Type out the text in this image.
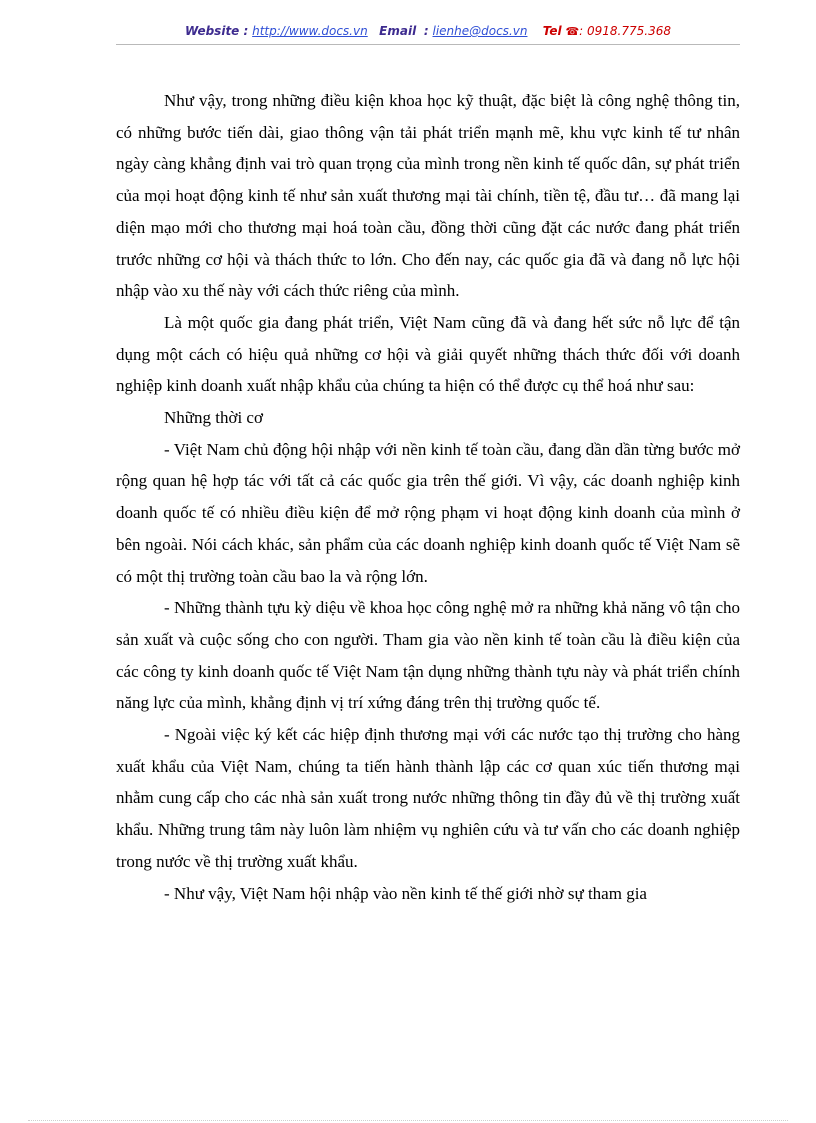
Website : http://www.docs.vn Email : lienhe@docs.vn Tel ☎: 0918.775.368

Như vậy, trong những điều kiện khoa học kỹ thuật, đặc biệt là công nghệ thông tin, có những bước tiến dài, giao thông vận tải phát triển mạnh mẽ, khu vực kinh tế tư nhân ngày càng khẳng định vai trò quan trọng của mình trong nền kinh tế quốc dân, sự phát triển của mọi hoạt động kinh tế như sản xuất thương mại tài chính, tiền tệ, đầu tư… đã mang lại diện mạo mới cho thương mại hoá toàn cầu, đồng thời cũng đặt các nước đang phát triển trước những cơ hội và thách thức to lớn. Cho đến nay, các quốc gia đã và đang nỗ lực hội nhập vào xu thế này với cách thức riêng của mình.

Là một quốc gia đang phát triển, Việt Nam cũng đã và đang hết sức nỗ lực để tận dụng một cách có hiệu quả những cơ hội và giải quyết những thách thức đối với doanh nghiệp kinh doanh xuất nhập khẩu của chúng ta hiện có thể được cụ thể hoá như sau:

Những thời cơ

- Việt Nam chủ động hội nhập với nền kinh tế toàn cầu, đang dần dần từng bước mở rộng quan hệ hợp tác với tất cả các quốc gia trên thế giới. Vì vậy, các doanh nghiệp kinh doanh quốc tế có nhiều điều kiện để mở rộng phạm vi hoạt động kinh doanh của mình ở bên ngoài. Nói cách khác, sản phẩm của các doanh nghiệp kinh doanh quốc tế Việt Nam sẽ có một thị trường toàn cầu bao la và rộng lớn.

- Những thành tựu kỳ diệu về khoa học công nghệ mở ra những khả năng vô tận cho sản xuất và cuộc sống cho con người. Tham gia vào nền kinh tế toàn cầu là điều kiện của các công ty kinh doanh quốc tế Việt Nam tận dụng những thành tựu này và phát triển chính năng lực của mình, khẳng định vị trí xứng đáng trên thị trường quốc tế.

- Ngoài việc ký kết các hiệp định thương mại với các nước tạo thị trường cho hàng xuất khẩu của Việt Nam, chúng ta tiến hành thành lập các cơ quan xúc tiến thương mại nhằm cung cấp cho các nhà sản xuất trong nước những thông tin đầy đủ về thị trường xuất khẩu. Những trung tâm này luôn làm nhiệm vụ nghiên cứu và tư vấn cho các doanh nghiệp trong nước về thị trường xuất khẩu.

- Như vậy, Việt Nam hội nhập vào nền kinh tế thế giới nhờ sự tham gia
